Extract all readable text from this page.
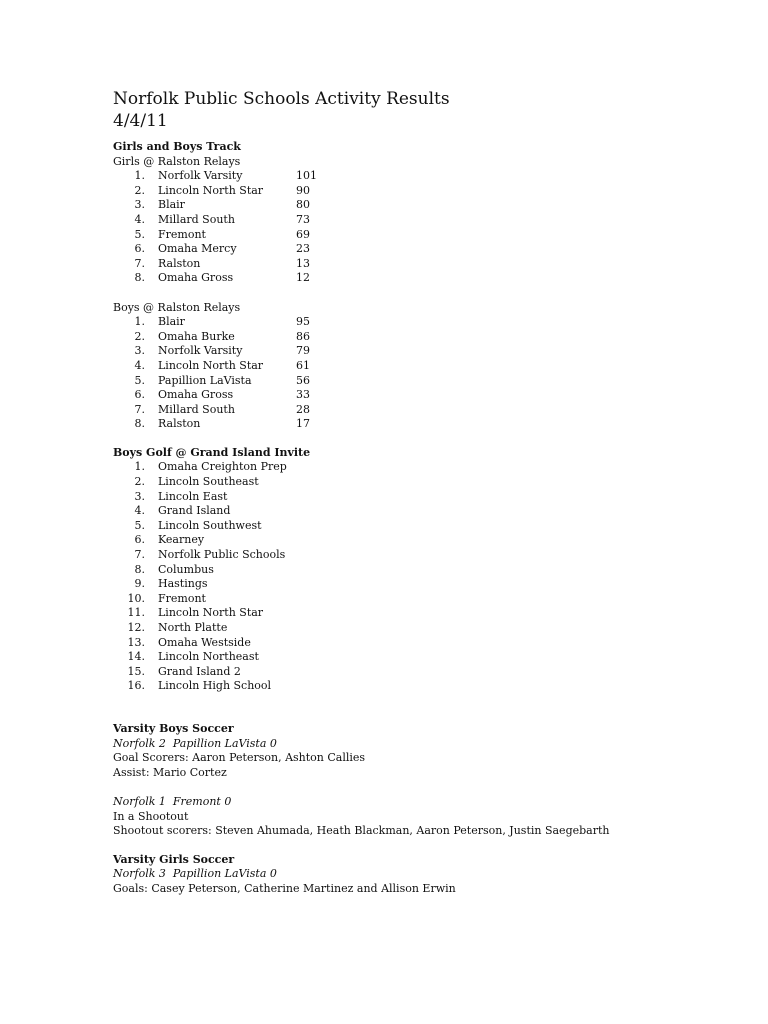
Norfolk Public Schools Activity Results
4/4/11
Girls and Boys Track
Girls @ Ralston Relays
1.	Norfolk Varsity	101
2.	Lincoln North Star	90
3.	Blair	80
4.	Millard South	73
5.	Fremont	69
6.	Omaha Mercy	23
7.	Ralston	13
8.	Omaha Gross	12
Boys @ Ralston Relays
1.	Blair	95
2.	Omaha Burke	86
3.	Norfolk Varsity	79
4.	Lincoln North Star	61
5.	Papillion LaVista	56
6.	Omaha Gross	33
7.	Millard South	28
8.	Ralston	17
Boys Golf @ Grand Island Invite
1.	Omaha Creighton Prep
2.	Lincoln Southeast
3.	Lincoln East
4.	Grand Island
5.	Lincoln Southwest
6.	Kearney
7.	Norfolk Public Schools
8.	Columbus
9.	Hastings
10.	Fremont
11.	Lincoln North Star
12.	North Platte
13.	Omaha Westside
14.	Lincoln Northeast
15.	Grand Island 2
16.	Lincoln High School
Varsity Boys Soccer
Norfolk 2  Papillion LaVista 0
Goal Scorers: Aaron Peterson, Ashton Callies
Assist: Mario Cortez
Norfolk 1  Fremont 0
In a Shootout
Shootout scorers: Steven Ahumada, Heath Blackman, Aaron Peterson, Justin Saegebarth
Varsity Girls Soccer
Norfolk 3  Papillion LaVista 0
Goals: Casey Peterson, Catherine Martinez and Allison Erwin
